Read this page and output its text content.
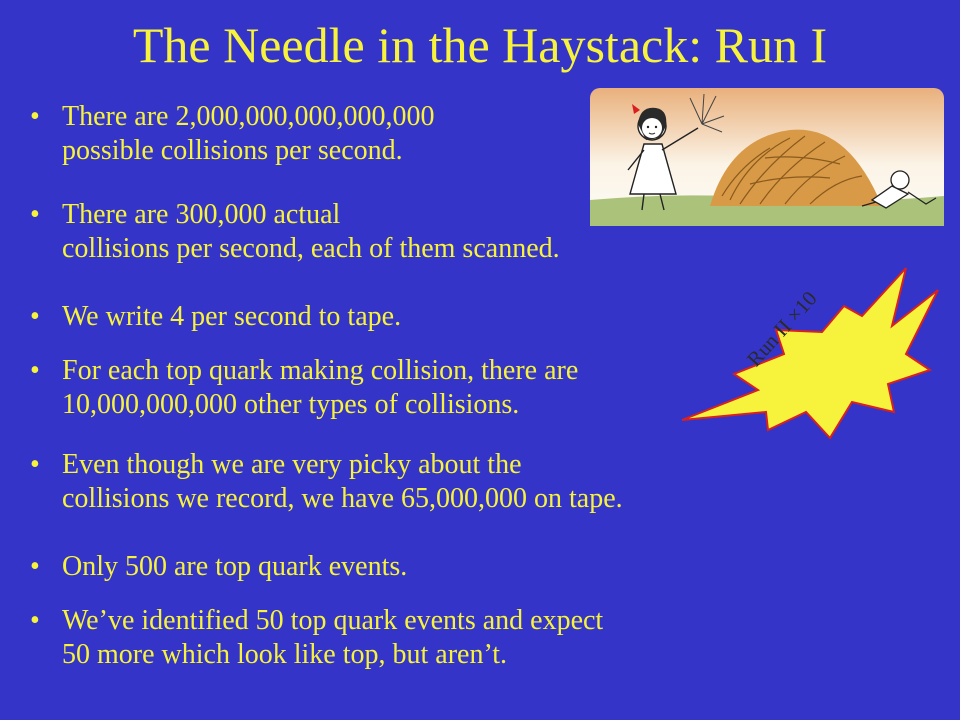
The Needle in the Haystack: Run I
• There are 2,000,000,000,000,000
possible collisions per second.
• There are 300,000 actual
collisions per second, each of them scanned.
• We write 4 per second to tape.
• For each top quark making collision, there are
10,000,000,000 other types of collisions.
• Even though we are very picky about the
collisions we record, we have 65,000,000 on tape.
• Only 500 are top quark events.
• We’ve identified 50 top quark events and expect
50 more which look like top, but aren’t.
Run II ×10
